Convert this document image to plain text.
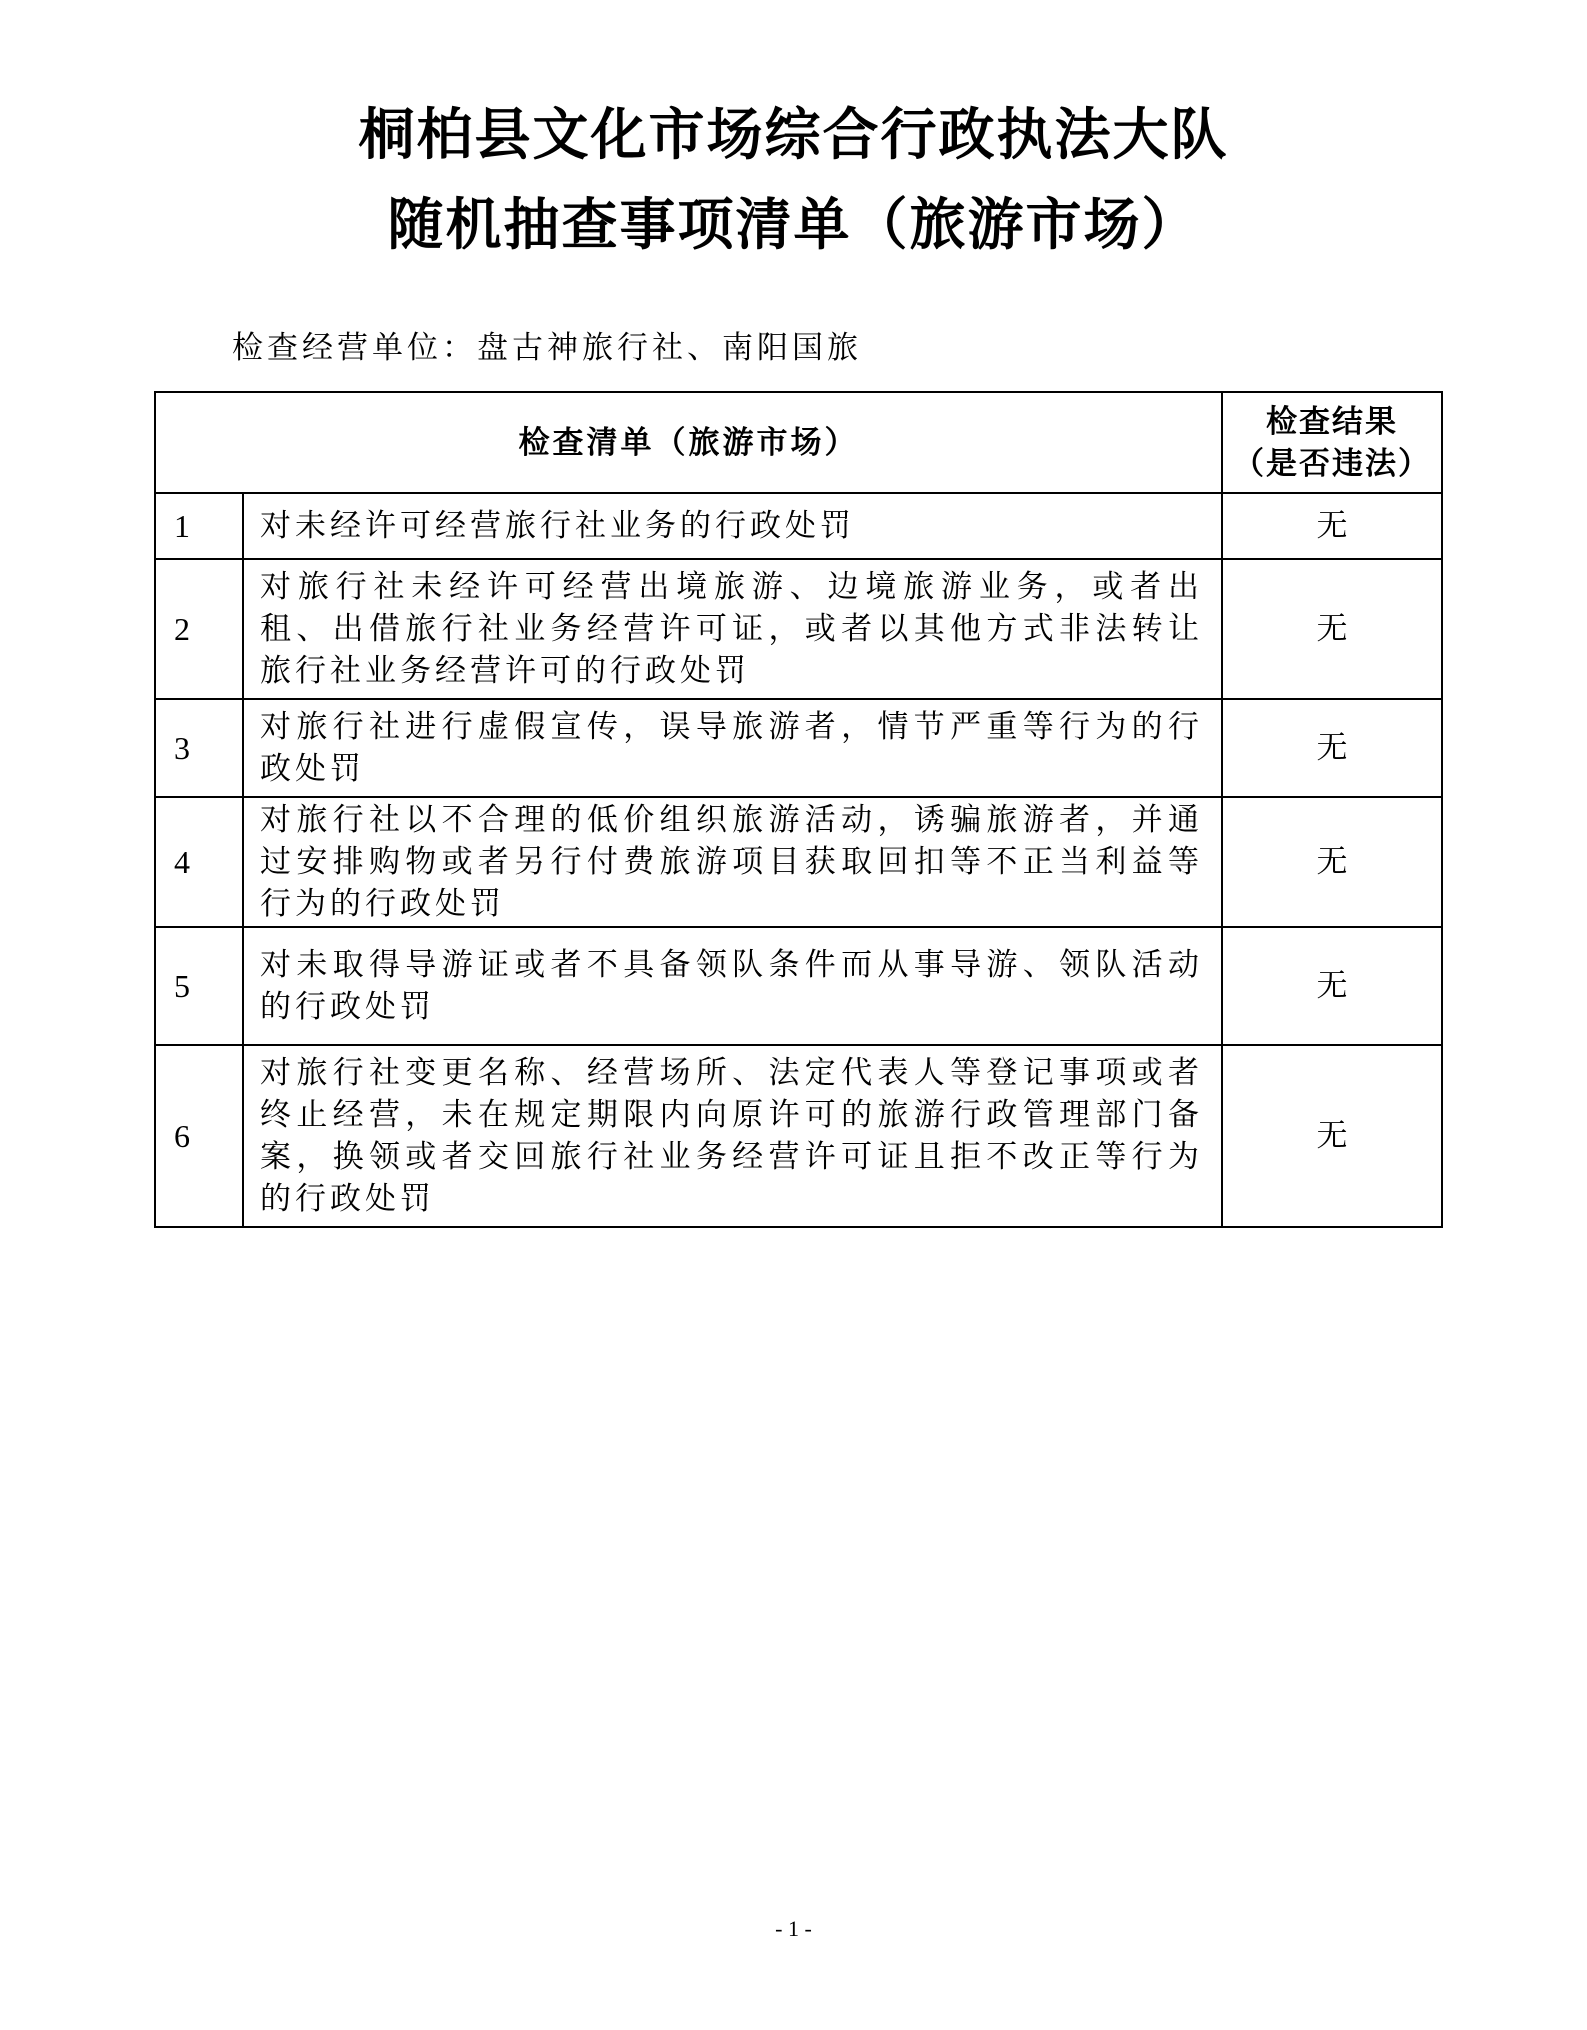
桐柏县文化市场综合行政执法大队
随机抽查事项清单（旅游市场）
检查经营单位：盘古神旅行社、南阳国旅
检查清单（旅游市场）		检查结果
（是否违法）

1	对未经许可经营旅行社业务的行政处罚	无
2	对旅行社未经许可经营出境旅游、边境旅游业务，或者出租、出借旅行社业务经营许可证，或者以其他方式非法转让旅行社业务经营许可的行政处罚	无
3	对旅行社进行虚假宣传，误导旅游者，情节严重等行为的行政处罚	无
4	对旅行社以不合理的低价组织旅游活动，诱骗旅游者，并通过安排购物或者另行付费旅游项目获取回扣等不正当利益等行为的行政处罚	无
5	对未取得导游证或者不具备领队条件而从事导游、领队活动的行政处罚	无
6	对旅行社变更名称、经营场所、法定代表人等登记事项或者终止经营，未在规定期限内向原许可的旅游行政管理部门备案，换领或者交回旅行社业务经营许可证且拒不改正等行为的行政处罚	无
- 1 -
